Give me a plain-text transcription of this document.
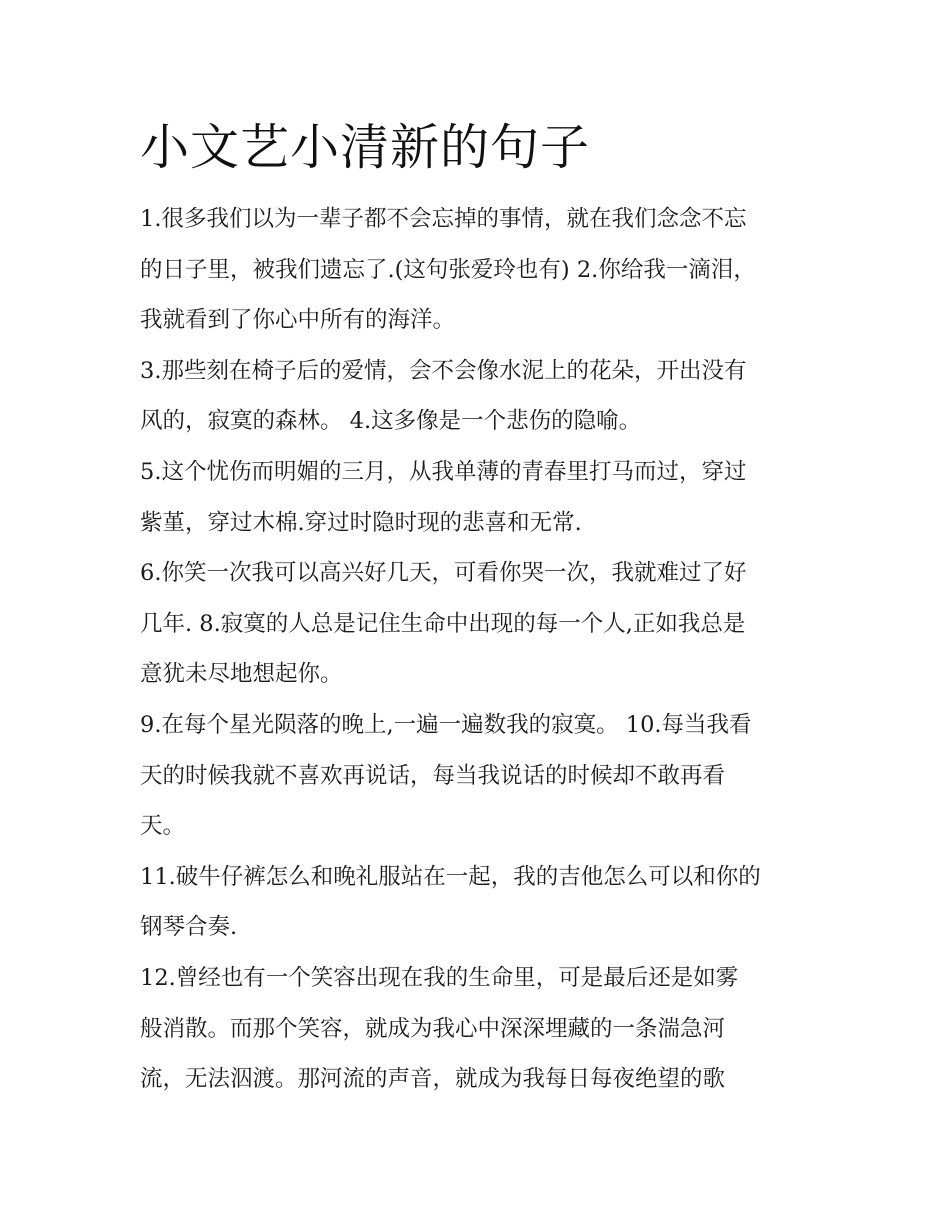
小文艺小清新的句子

1.很多我们以为一辈子都不会忘掉的事情，就在我们念念不忘

的日子里，被我们遗忘了.(这句张爱玲也有) 2.你给我一滴泪，

我就看到了你心中所有的海洋。

3.那些刻在椅子后的爱情，会不会像水泥上的花朵，开出没有

风的，寂寞的森林。 4.这多像是一个悲伤的隐喻。

5.这个忧伤而明媚的三月，从我单薄的青春里打马而过，穿过

紫堇，穿过木棉.穿过时隐时现的悲喜和无常.

6.你笑一次我可以高兴好几天，可看你哭一次，我就难过了好

几年. 8.寂寞的人总是记住生命中出现的每一个人,正如我总是

意犹未尽地想起你。

9.在每个星光陨落的晚上,一遍一遍数我的寂寞。 10.每当我看

天的时候我就不喜欢再说话，每当我说话的时候却不敢再看

天。

11.破牛仔裤怎么和晚礼服站在一起，我的吉他怎么可以和你的

钢琴合奏.

12.曾经也有一个笑容出现在我的生命里，可是最后还是如雾

般消散。而那个笑容，就成为我心中深深埋藏的一条湍急河

流，无法泅渡。那河流的声音，就成为我每日每夜绝望的歌
